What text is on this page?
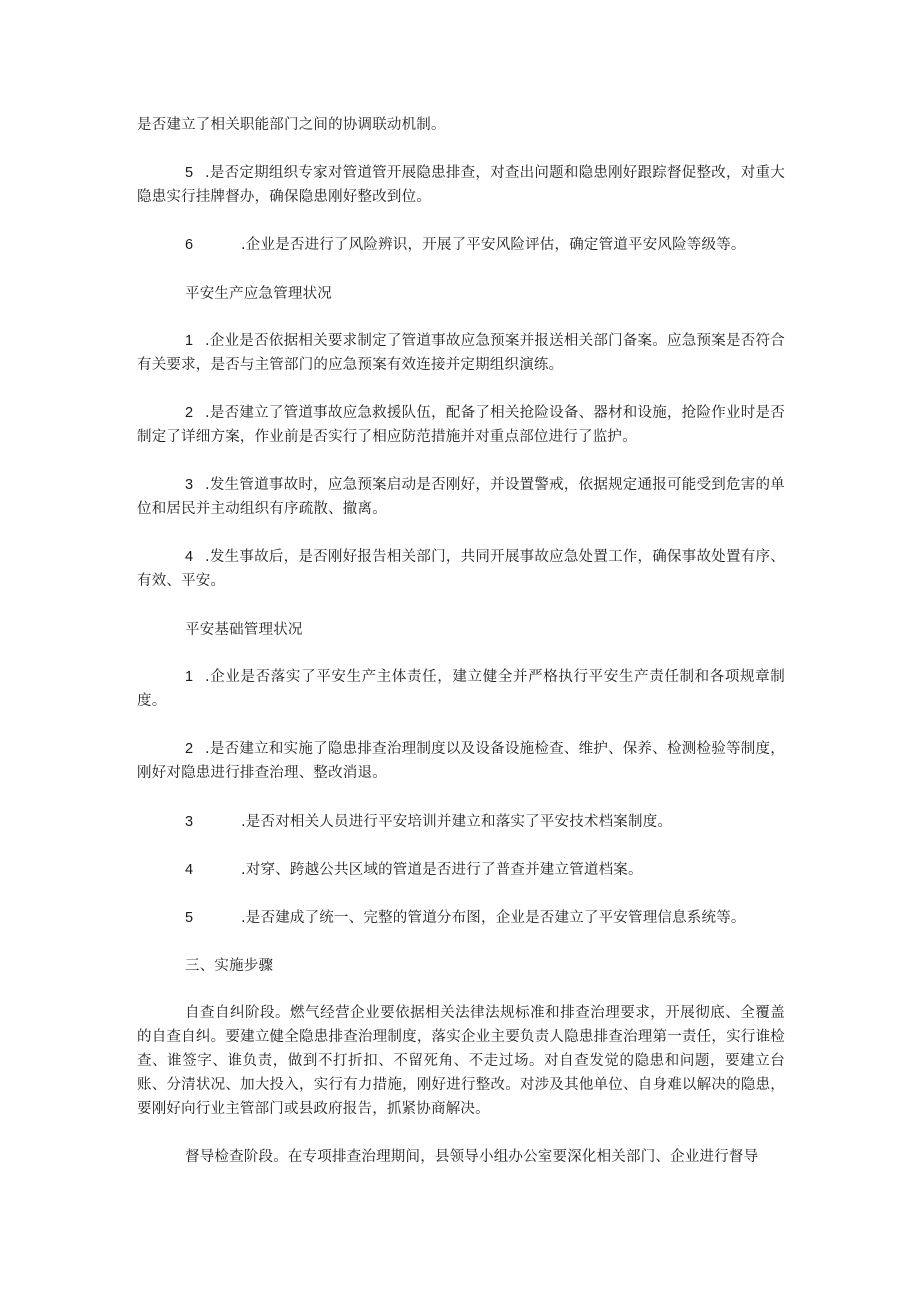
是否建立了相关职能部门之间的协调联动机制。

5 .是否定期组织专家对管道管开展隐患排查，对查出问题和隐患刚好跟踪督促整改，对重大隐患实行挂牌督办，确保隐患刚好整改到位。

6	.企业是否进行了风险辨识，开展了平安风险评估，确定管道平安风险等级等。

平安生产应急管理状况

1 .企业是否依据相关要求制定了管道事故应急预案并报送相关部门备案。应急预案是否符合有关要求，是否与主管部门的应急预案有效连接并定期组织演练。

2 .是否建立了管道事故应急救援队伍，配备了相关抢险设备、器材和设施，抢险作业时是否制定了详细方案，作业前是否实行了相应防范措施并对重点部位进行了监护。

3 .发生管道事故时，应急预案启动是否刚好，并设置警戒，依据规定通报可能受到危害的单位和居民并主动组织有序疏散、撤离。

4 .发生事故后，是否刚好报告相关部门，共同开展事故应急处置工作，确保事故处置有序、有效、平安。

平安基础管理状况

1 .企业是否落实了平安生产主体责任，建立健全并严格执行平安生产责任制和各项规章制度。

2 .是否建立和实施了隐患排查治理制度以及设备设施检查、维护、保养、检测检验等制度，刚好对隐患进行排查治理、整改消退。

3	.是否对相关人员进行平安培训并建立和落实了平安技术档案制度。

4	.对穿、跨越公共区域的管道是否进行了普查并建立管道档案。

5	.是否建成了统一、完整的管道分布图，企业是否建立了平安管理信息系统等。

三、实施步骤

自查自纠阶段。燃气经营企业要依据相关法律法规标准和排查治理要求，开展彻底、全覆盖的自查自纠。要建立健全隐患排查治理制度，落实企业主要负责人隐患排查治理第一责任，实行谁检查、谁签字、谁负责，做到不打折扣、不留死角、不走过场。对自查发觉的隐患和问题，要建立台账、分清状况、加大投入，实行有力措施，刚好进行整改。对涉及其他单位、自身难以解决的隐患，要刚好向行业主管部门或县政府报告，抓紧协商解决。

督导检查阶段。在专项排查治理期间，县领导小组办公室要深化相关部门、企业进行督导
